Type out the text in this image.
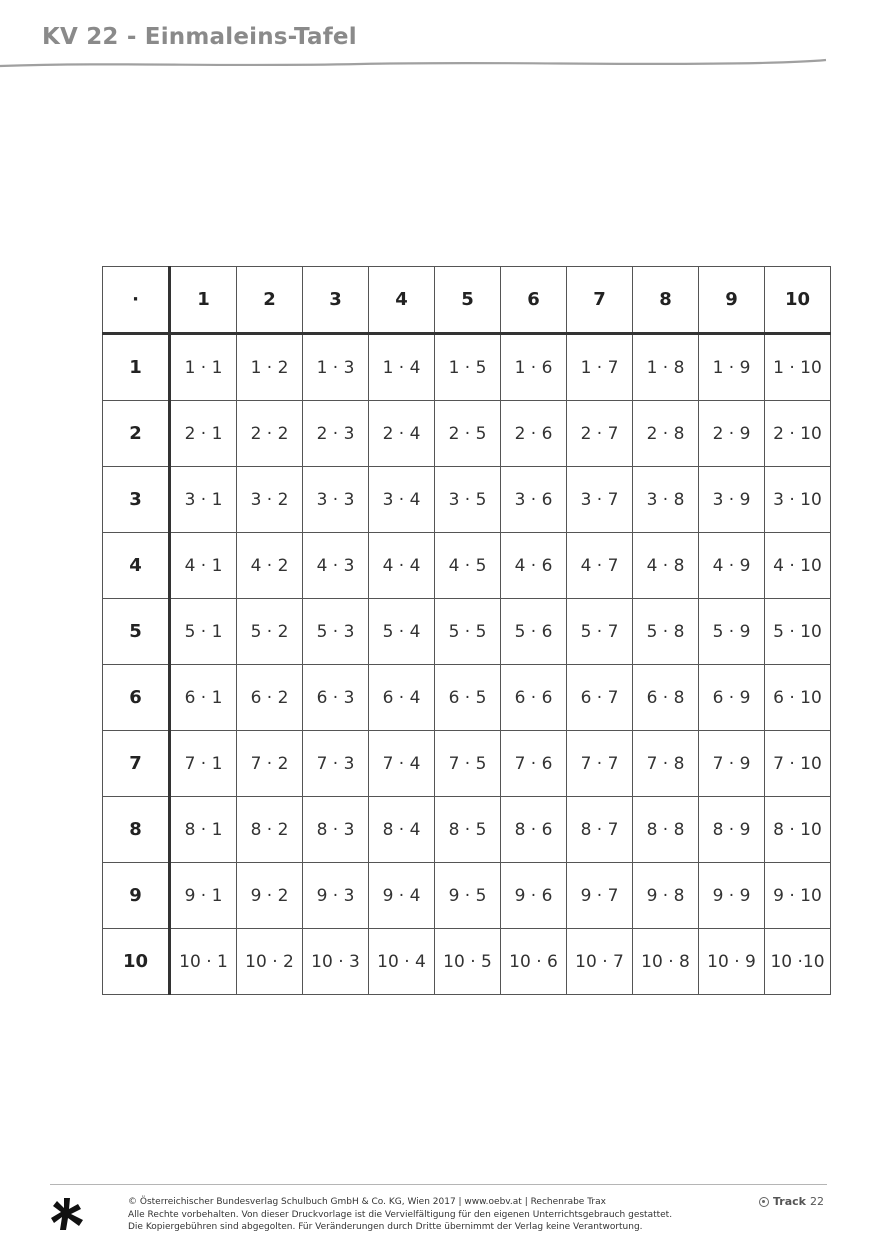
KV 22 - Einmaleins-Tafel
·	1	2	3	4	5	6	7	8	9	10
1	1 · 1	1 · 2	1 · 3	1 · 4	1 · 5	1 · 6	1 · 7	1 · 8	1 · 9	1 · 10
2	2 · 1	2 · 2	2 · 3	2 · 4	2 · 5	2 · 6	2 · 7	2 · 8	2 · 9	2 · 10
3	3 · 1	3 · 2	3 · 3	3 · 4	3 · 5	3 · 6	3 · 7	3 · 8	3 · 9	3 · 10
4	4 · 1	4 · 2	4 · 3	4 · 4	4 · 5	4 · 6	4 · 7	4 · 8	4 · 9	4 · 10
5	5 · 1	5 · 2	5 · 3	5 · 4	5 · 5	5 · 6	5 · 7	5 · 8	5 · 9	5 · 10
6	6 · 1	6 · 2	6 · 3	6 · 4	6 · 5	6 · 6	6 · 7	6 · 8	6 · 9	6 · 10
7	7 · 1	7 · 2	7 · 3	7 · 4	7 · 5	7 · 6	7 · 7	7 · 8	7 · 9	7 · 10
8	8 · 1	8 · 2	8 · 3	8 · 4	8 · 5	8 · 6	8 · 7	8 · 8	8 · 9	8 · 10
9	9 · 1	9 · 2	9 · 3	9 · 4	9 · 5	9 · 6	9 · 7	9 · 8	9 · 9	9 · 10
10	10 · 1	10 · 2	10 · 3	10 · 4	10 · 5	10 · 6	10 · 7	10 · 8	10 · 9	10 ·10
© Österreichischer Bundesverlag Schulbuch GmbH & Co. KG, Wien 2017 | www.oebv.at | Rechenrabe Trax
Alle Rechte vorbehalten. Von dieser Druckvorlage ist die Vervielfältigung für den eigenen Unterrichtsgebrauch gestattet.
Die Kopiergebühren sind abgegolten. Für Veränderungen durch Dritte übernimmt der Verlag keine Verantwortung.
Track 22
